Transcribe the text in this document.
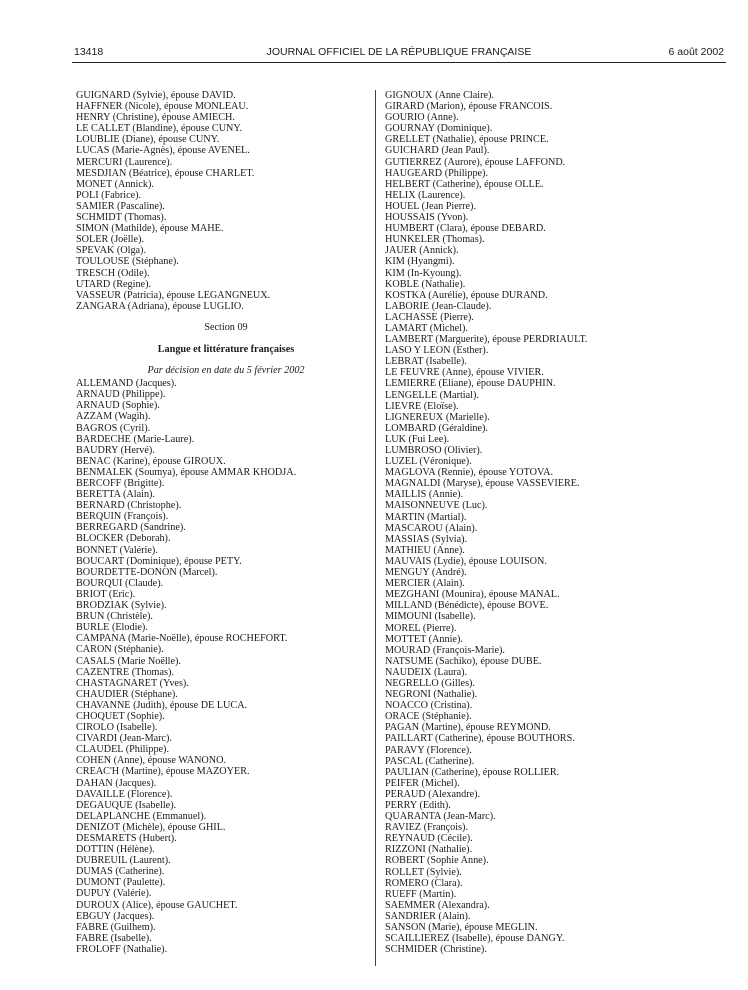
13418	JOURNAL OFFICIEL DE LA RÉPUBLIQUE FRANÇAISE	6 août 2002
GUIGNARD (Sylvie), épouse DAVID.
HAFFNER (Nicole), épouse MONLEAU.
HENRY (Christine), épouse AMIECH.
LE CALLET (Blandine), épouse CUNY.
LOUBLIE (Diane), épouse CUNY.
LUCAS (Marie-Agnès), épouse AVENEL.
MERCURI (Laurence).
MESDJIAN (Béatrice), épouse CHARLET.
MONET (Annick).
POLI (Fabrice).
SAMIER (Pascaline).
SCHMIDT (Thomas).
SIMON (Mathilde), épouse MAHE.
SOLER (Joëlle).
SPEVAK (Olga).
TOULOUSE (Stéphane).
TRESCH (Odile).
UTARD (Regine).
VASSEUR (Patricia), épouse LEGANGNEUX.
ZANGARA (Adriana), épouse LUGLIO.
Section 09
Langue et littérature françaises
Par décision en date du 5 février 2002
ALLEMAND (Jacques).
ARNAUD (Philippe).
ARNAUD (Sophie).
AZZAM (Wagih).
BAGROS (Cyril).
BARDECHE (Marie-Laure).
BAUDRY (Hervé).
BENAC (Karine), épouse GIROUX.
BENMALEK (Soumya), épouse AMMAR KHODJA.
BERCOFF (Brigitte).
BERETTA (Alain).
BERNARD (Christophe).
BERQUIN (François).
BERREGARD (Sandrine).
BLOCKER (Deborah).
BONNET (Valérie).
BOUCART (Dominique), épouse PETY.
BOURDETTE-DONON (Marcel).
BOURQUI (Claude).
BRIOT (Eric).
BRODZIAK (Sylvie).
BRUN (Christèle).
BURLE (Elodie).
CAMPANA (Marie-Noëlle), épouse ROCHEFORT.
CARON (Stéphanie).
CASALS (Marie Noëlle).
CAZENTRE (Thomas).
CHASTAGNARET (Yves).
CHAUDIER (Stéphane).
CHAVANNE (Judith), épouse DE LUCA.
CHOQUET (Sophie).
CIROLO (Isabelle).
CIVARDI (Jean-Marc).
CLAUDEL (Philippe).
COHEN (Anne), épouse WANONO.
CREAC'H (Martine), épouse MAZOYER.
DAHAN (Jacques).
DAVAILLE (Florence).
DEGAUQUE (Isabelle).
DELAPLANCHE (Emmanuel).
DENIZOT (Michèle), épouse GHIL.
DESMARETS (Hubert).
DOTTIN (Hélène).
DUBREUIL (Laurent).
DUMAS (Catherine).
DUMONT (Paulette).
DUPUY (Valérie).
DUROUX (Alice), épouse GAUCHET.
EBGUY (Jacques).
FABRE (Guilhem).
FABRE (Isabelle).
FROLOFF (Nathalie).
GIGNOUX (Anne Claire).
GIRARD (Marion), épouse FRANCOIS.
GOURIO (Anne).
GOURNAY (Dominique).
GRELLET (Nathalie), épouse PRINCE.
GUICHARD (Jean Paul).
GUTIERREZ (Aurore), épouse LAFFOND.
HAUGEARD (Philippe).
HELBERT (Catherine), épouse OLLE.
HELIX (Laurence).
HOUEL (Jean Pierre).
HOUSSAIS (Yvon).
HUMBERT (Clara), épouse DEBARD.
HUNKELER (Thomas).
JAUER (Annick).
KIM (Hyangmi).
KIM (In-Kyoung).
KOBLE (Nathalie).
KOSTKA (Aurélie), épouse DURAND.
LABORIE (Jean-Claude).
LACHASSE (Pierre).
LAMART (Michel).
LAMBERT (Marguerite), épouse PERDRIAULT.
LASO Y LEON (Esther).
LEBRAT (Isabelle).
LE FEUVRE (Anne), épouse VIVIER.
LEMIERRE (Eliane), épouse DAUPHIN.
LENGELLE (Martial).
LIEVRE (Eloïse).
LIGNEREUX (Marielle).
LOMBARD (Géraldine).
LUK (Fui Lee).
LUMBROSO (Olivier).
LUZEL (Véronique).
MAGLOVA (Rennie), épouse YOTOVA.
MAGNALDI (Maryse), épouse VASSEVIERE.
MAILLIS (Annie).
MAISONNEUVE (Luc).
MARTIN (Martial).
MASCAROU (Alain).
MASSIAS (Sylvia).
MATHIEU (Anne).
MAUVAIS (Lydie), épouse LOUISON.
MENGUY (André).
MERCIER (Alain).
MEZGHANI (Mounira), épouse MANAL.
MILLAND (Bénédicte), épouse BOVE.
MIMOUNI (Isabelle).
MOREL (Pierre).
MOTTET (Annie).
MOURAD (François-Marie).
NATSUME (Sachiko), épouse DUBE.
NAUDEIX (Laura).
NEGRELLO (Gilles).
NEGRONI (Nathalie).
NOACCO (Cristina).
ORACE (Stéphanie).
PAGAN (Martine), épouse REYMOND.
PAILLART (Catherine), épouse BOUTHORS.
PARAVY (Florence).
PASCAL (Catherine).
PAULIAN (Catherine), épouse ROLLIER.
PEIFER (Michel).
PERAUD (Alexandre).
PERRY (Edith).
QUARANTA (Jean-Marc).
RAVIEZ (François).
REYNAUD (Cécile).
RIZZONI (Nathalie).
ROBERT (Sophie Anne).
ROLLET (Sylvie).
ROMERO (Clara).
RUEFF (Martin).
SAEMMER (Alexandra).
SANDRIER (Alain).
SANSON (Marie), épouse MEGLIN.
SCAILLIEREZ (Isabelle), épouse DANGY.
SCHMIDER (Christine).
